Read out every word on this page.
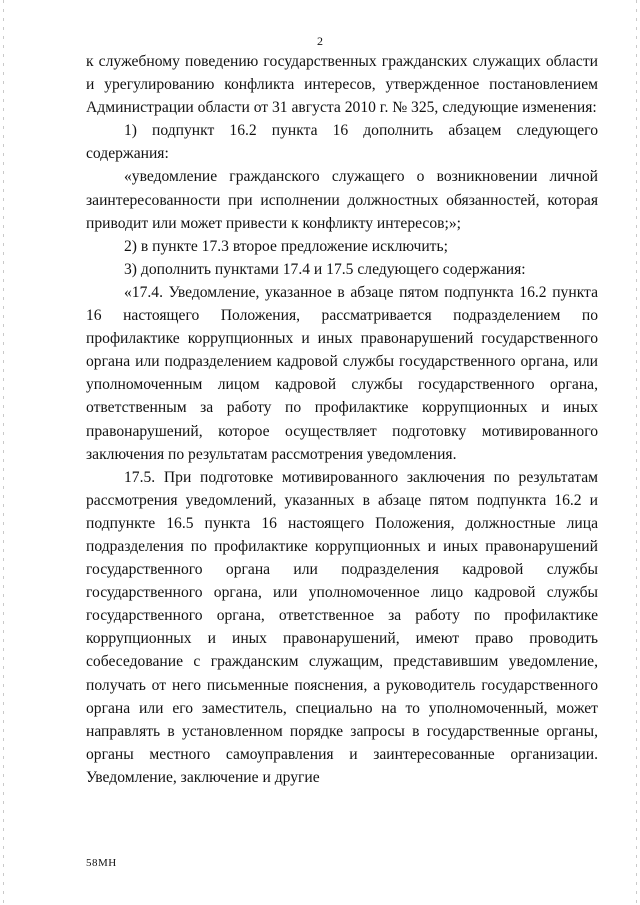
2
к служебному поведению государственных гражданских служащих области и урегулированию конфликта интересов, утвержденное постановлением Администрации области от 31 августа 2010 г. № 325, следующие изменения:
1) подпункт 16.2 пункта 16 дополнить абзацем следующего содержания:
«уведомление гражданского служащего о возникновении личной заинтересованности при исполнении должностных обязанностей, которая приводит или может привести к конфликту интересов;»;
2) в пункте 17.3 второе предложение исключить;
3) дополнить пунктами 17.4 и 17.5 следующего содержания:
«17.4. Уведомление, указанное в абзаце пятом подпункта 16.2 пункта 16 настоящего Положения, рассматривается подразделением по профилактике коррупционных и иных правонарушений государственного органа или подразделением кадровой службы государственного органа, или уполномоченным лицом кадровой службы государственного органа, ответственным за работу по профилактике коррупционных и иных правонарушений, которое осуществляет подготовку мотивированного заключения по результатам рассмотрения уведомления.
17.5. При подготовке мотивированного заключения по результатам рассмотрения уведомлений, указанных в абзаце пятом подпункта 16.2 и подпункте 16.5 пункта 16 настоящего Положения, должностные лица подразделения по профилактике коррупционных и иных правонарушений государственного органа или подразделения кадровой службы государственного органа, или уполномоченное лицо кадровой службы государственного органа, ответственное за работу по профилактике коррупционных и иных правонарушений, имеют право проводить собеседование с гражданским служащим, представившим уведомление, получать от него письменные пояснения, а руководитель государственного органа или его заместитель, специально на то уполномоченный, может направлять в установленном порядке запросы в государственные органы, органы местного самоуправления и заинтересованные организации. Уведомление, заключение и другие
58МН
